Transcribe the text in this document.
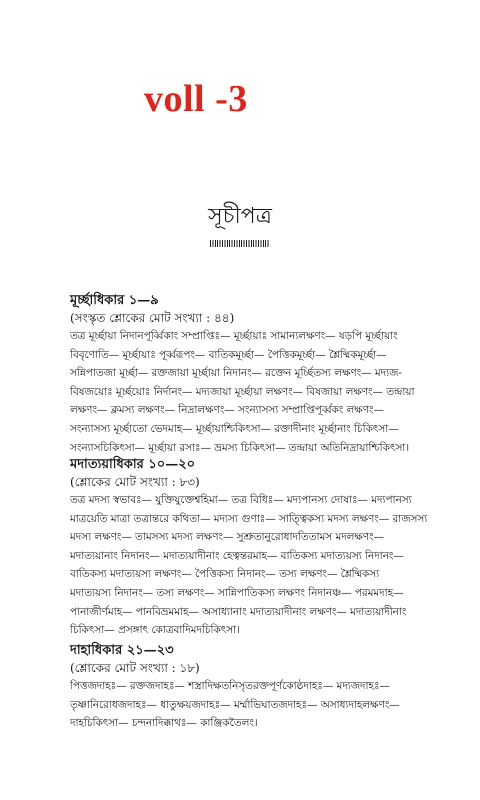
voll -3
সূচীপত্র
মূর্চ্ছাধিকার ১—৯
(সংস্কৃত শ্লোকের মোট সংখ্যা : ৪৪)
তত্র মূর্চ্ছায়া নিদানপূর্ব্বিকাং সম্প্রাপ্তিঃ— মূর্চ্ছায়াঃ সামান্যলক্ষণং— ষড়পি মূর্চ্ছায়াং
বিবৃণোতি— মূর্চ্ছায়াঃ পূর্ব্বরূপং— বাতিকমূর্চ্ছা— পৈত্তিকমূর্চ্ছা— শ্লৈষ্মিকমূর্চ্ছা—
সন্নিপাতজা মূর্চ্ছা— রক্তজায়া মূর্চ্ছায়া নিদানং— রক্তেন মূর্চ্ছিতস্য লক্ষণং— মদ্যজ-
বিষজয়োঃ মূর্চ্ছয়োঃ নির্দানং— মদ্যজায়া মূর্চ্ছায়া লক্ষণং— বিষজায়া লক্ষণং— তন্দ্রায়া
লক্ষণং— ক্লমস্য লক্ষণং— নিদ্রালক্ষণং— সংন্যাসস্য সম্প্রাপ্তিপূর্ব্বকং লক্ষণং—
সংন্যাসস্য মূর্চ্ছাতো ভেদমাহ— মূর্চ্ছায়াশ্চিকিৎসা— রক্তাদীনাং মূর্চ্ছানাং চিকিৎসা—
সংন্যাসচিকিৎসা— মূর্চ্ছায়া রসাঃ— ভ্রমস্য চিকিৎসা— তন্দ্রায়া অতিনিদ্রায়াশ্চিকিৎসা।
মদাত্যয়াধিকার ১০—২০
(শ্লোকের মোট সংখ্যা : ৮৩)
তত্র মদস্য স্বভাবঃ— যুক্তিযুক্তেশ্বহিমা— তত্র বিধিঃ— মদ্যপানস্য দোষাঃ— মদ্যপানস্য
মাত্রয়েতি মাত্রা তত্রান্তরে কথিতা— মদ্যস্য গুণাঃ— সাত্ত্বিকস্য মদস্য লক্ষণং— রাজসস্য
মদস্য লক্ষণং— তামসস্য মদস্য লক্ষণং— সুশ্রুতানুরোধাদতিতামস মদলক্ষণং—
মদাত্যয়ানাং নিদানং— মদাত্যয়াদীনাং হেত্বন্তরমাহ— বাতিকস্য মদাত্যয়স্য নিদানং—
বাতিকস্য মদাত্যয়স্য লক্ষণং— পৈত্তিকস্য নিদানং— তস্য লক্ষণং— শ্লৈষ্মিকস্য
মদাত্যয়স্য নিদানং— তস্য লক্ষণং— সান্নিপাতিকস্য লক্ষণং নিদানঞ্চ— পরমমদাহ—
পানাজীর্ণমাহ— পানবিভ্রমমাহ— অসাধ্যানাং মদাত্যয়াদীনাং লক্ষণং— মদাত্যয়াদীনাং
চিকিৎসা— প্রসঙ্গাৎ কোত্রবাদিমদচিকিৎসা।
দাহাধিকার ২১—২৩
(শ্লোকের মোট সংখ্যা : ১৮)
পিত্তজদাহঃ— রক্তজদাহঃ— শস্ত্রাদিক্ষতনিসৃতরক্তপূর্ণকোষ্ঠদাহঃ— মদ্যজদাহঃ—
তৃষ্ণানিরোধজদাহঃ— ধাতুক্ষয়জদাহঃ— মর্ম্মাভিঘাতজদাহঃ— অসাধ্যদাহলক্ষণং—
দাহচিকিৎসা— চন্দনাদিক্কাথঃ— কাঞ্জিকতৈলং।
